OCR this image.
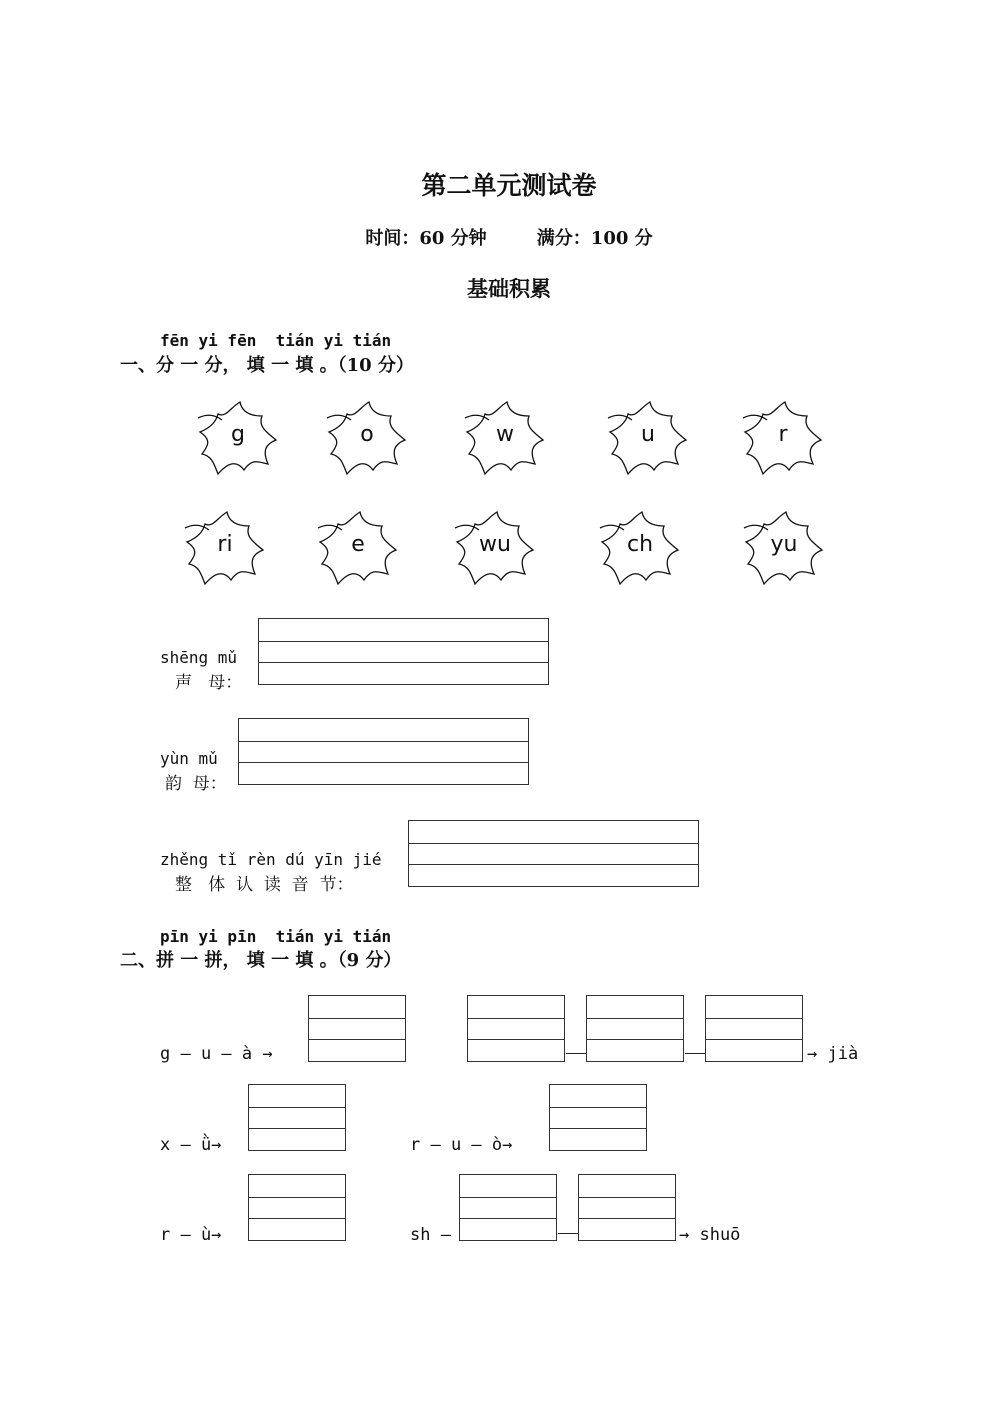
第二单元测试卷
时间：60 分钟        满分：100 分
基础积累
fēn yi fēn  tián yi tián
一、分 一 分， 填 一 填 。（10 分）
g	o	w	u	r
ri	e	wu	ch	yu
shēng mǔ
声   母：
yùn mǔ
韵  母：
zhěng tǐ rèn dú yīn jié
整   体  认  读  音  节：
pīn yi pīn  tián yi tián
二、拼 一 拼， 填 一 填 。（9 分）
g — u — à →	→ jià
x — ǜ→	r — u — ò→
r — ù→	sh —	→ shuō
